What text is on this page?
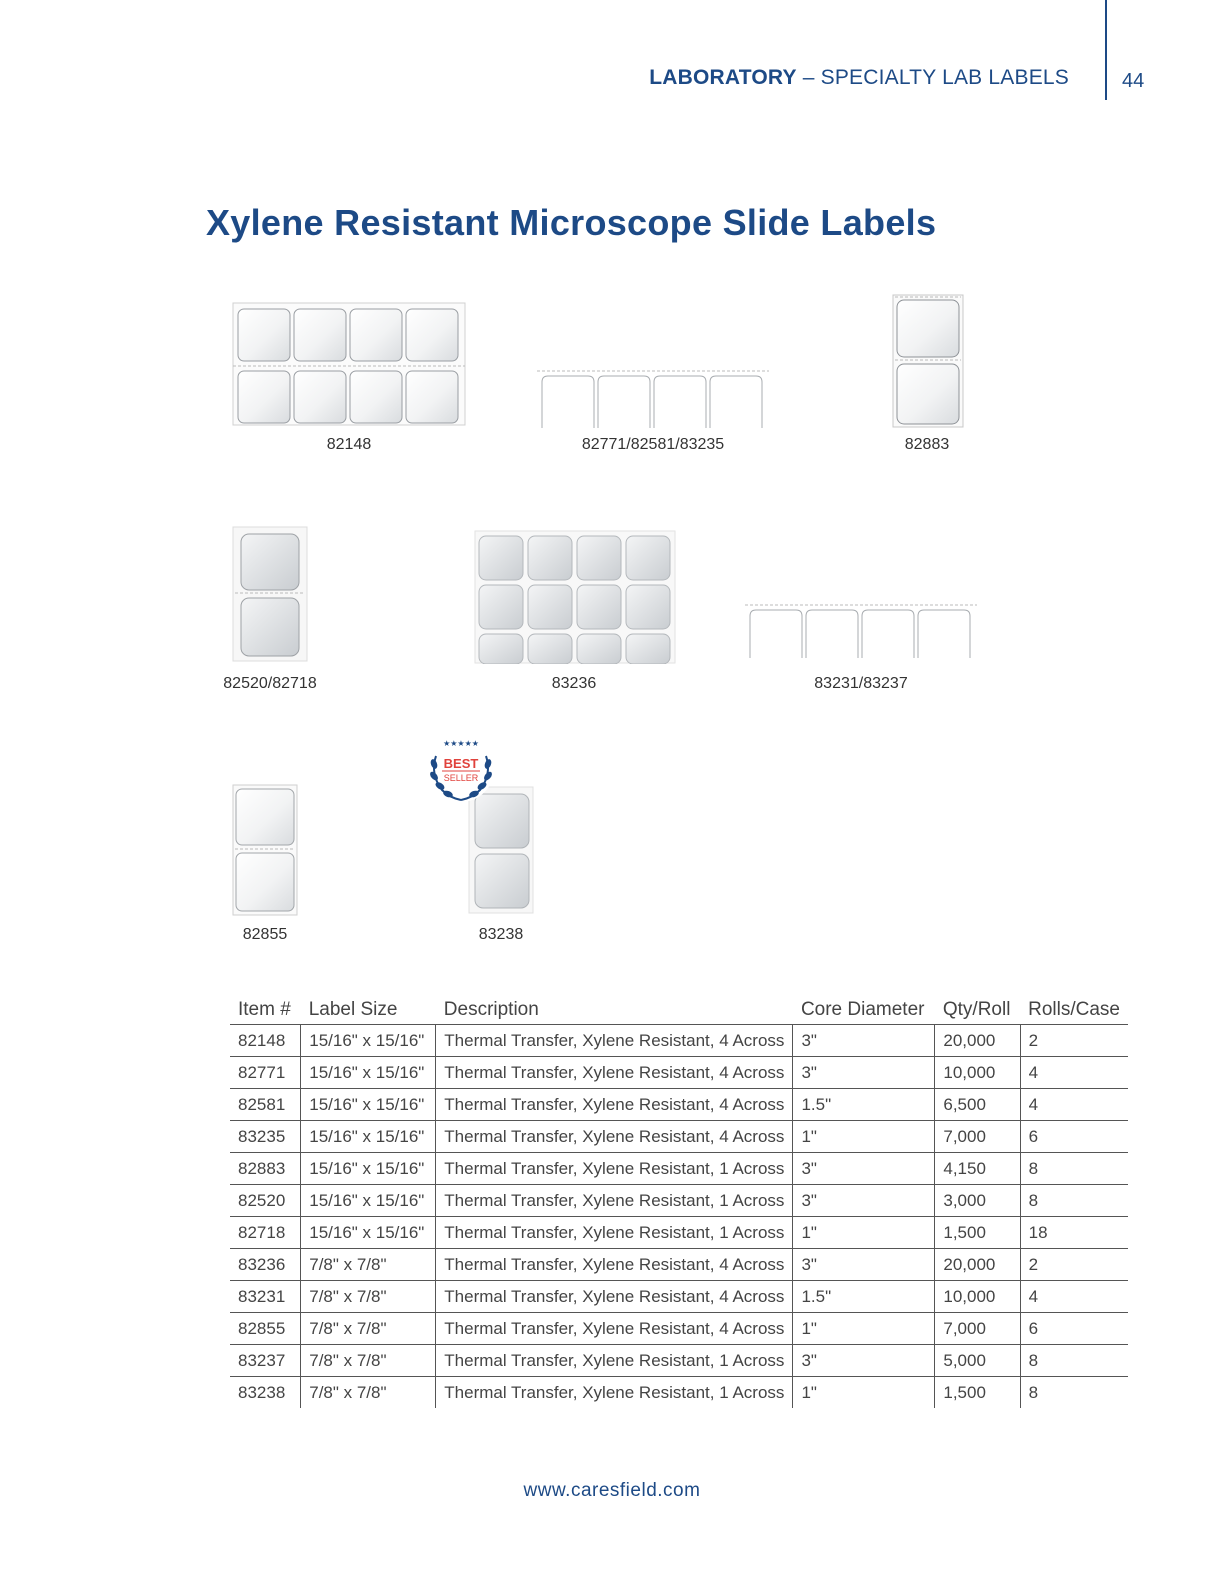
LABORATORY – SPECIALTY LAB LABELS	44
Xylene Resistant Microscope Slide Labels
82148	82771/82581/83235	82883
82520/82718	83236	83231/83237
82855	83238
★★★★★
BEST
SELLER
Item #	Label Size	Description	Core Diameter	Qty/Roll	Rolls/Case
82148	15/16" x 15/16"	Thermal Transfer, Xylene Resistant, 4 Across	3"	20,000	2
82771	15/16" x 15/16"	Thermal Transfer, Xylene Resistant, 4 Across	3"	10,000	4
82581	15/16" x 15/16"	Thermal Transfer, Xylene Resistant, 4 Across	1.5"	6,500	4
83235	15/16" x 15/16"	Thermal Transfer, Xylene Resistant, 4 Across	1"	7,000	6
82883	15/16" x 15/16"	Thermal Transfer, Xylene Resistant, 1 Across	3"	4,150	8
82520	15/16" x 15/16"	Thermal Transfer, Xylene Resistant, 1 Across	3"	3,000	8
82718	15/16" x 15/16"	Thermal Transfer, Xylene Resistant, 1 Across	1"	1,500	18
83236	7/8" x 7/8"	Thermal Transfer, Xylene Resistant, 4 Across	3"	20,000	2
83231	7/8" x 7/8"	Thermal Transfer, Xylene Resistant, 4 Across	1.5"	10,000	4
82855	7/8" x 7/8"	Thermal Transfer, Xylene Resistant, 4 Across	1"	7,000	6
83237	7/8" x 7/8"	Thermal Transfer, Xylene Resistant, 1 Across	3"	5,000	8
83238	7/8" x 7/8"	Thermal Transfer, Xylene Resistant, 1 Across	1"	1,500	8
www.caresfield.com
